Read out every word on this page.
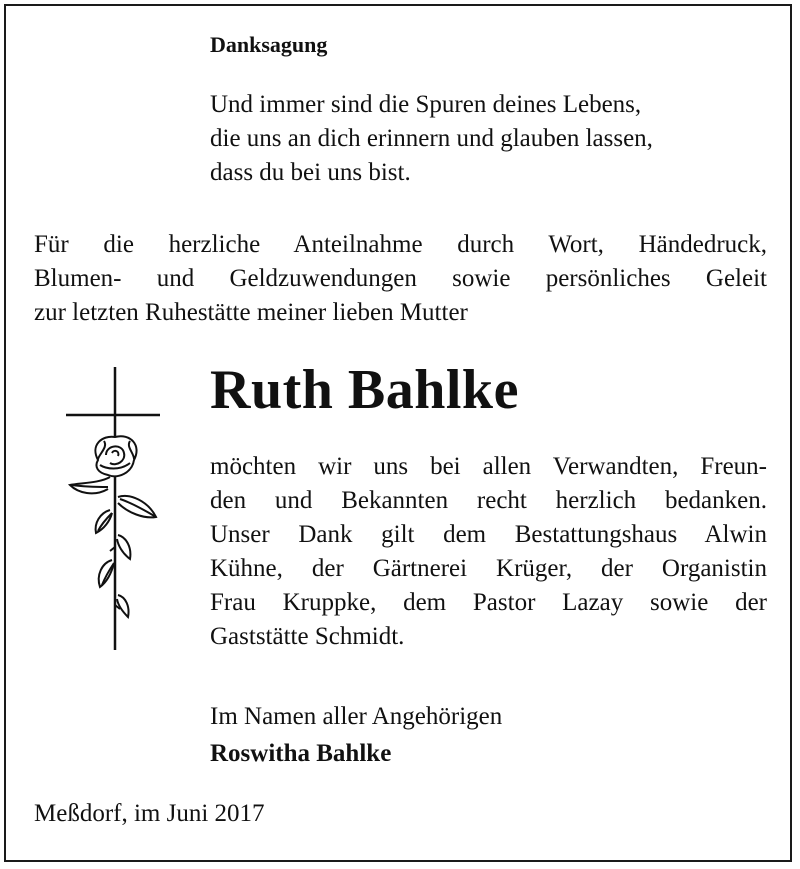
Danksagung

Und immer sind die Spuren deines Lebens,
die uns an dich erinnern und glauben lassen,
dass du bei uns bist.
Für die herzliche Anteilnahme durch Wort, Händedruck,
Blumen- und Geldzuwendungen sowie persönliches Geleit
zur letzten Ruhestätte meiner lieben Mutter

Ruth Bahlke

möchten wir uns bei allen Verwandten, Freun-
den und Bekannten recht herzlich bedanken.
Unser Dank gilt dem Bestattungshaus Alwin
Kühne, der Gärtnerei Krüger, der Organistin
Frau Kruppke, dem Pastor Lazay sowie der
Gaststätte Schmidt.

Im Namen aller Angehörigen

Roswitha Bahlke

Meßdorf, im Juni 2017
